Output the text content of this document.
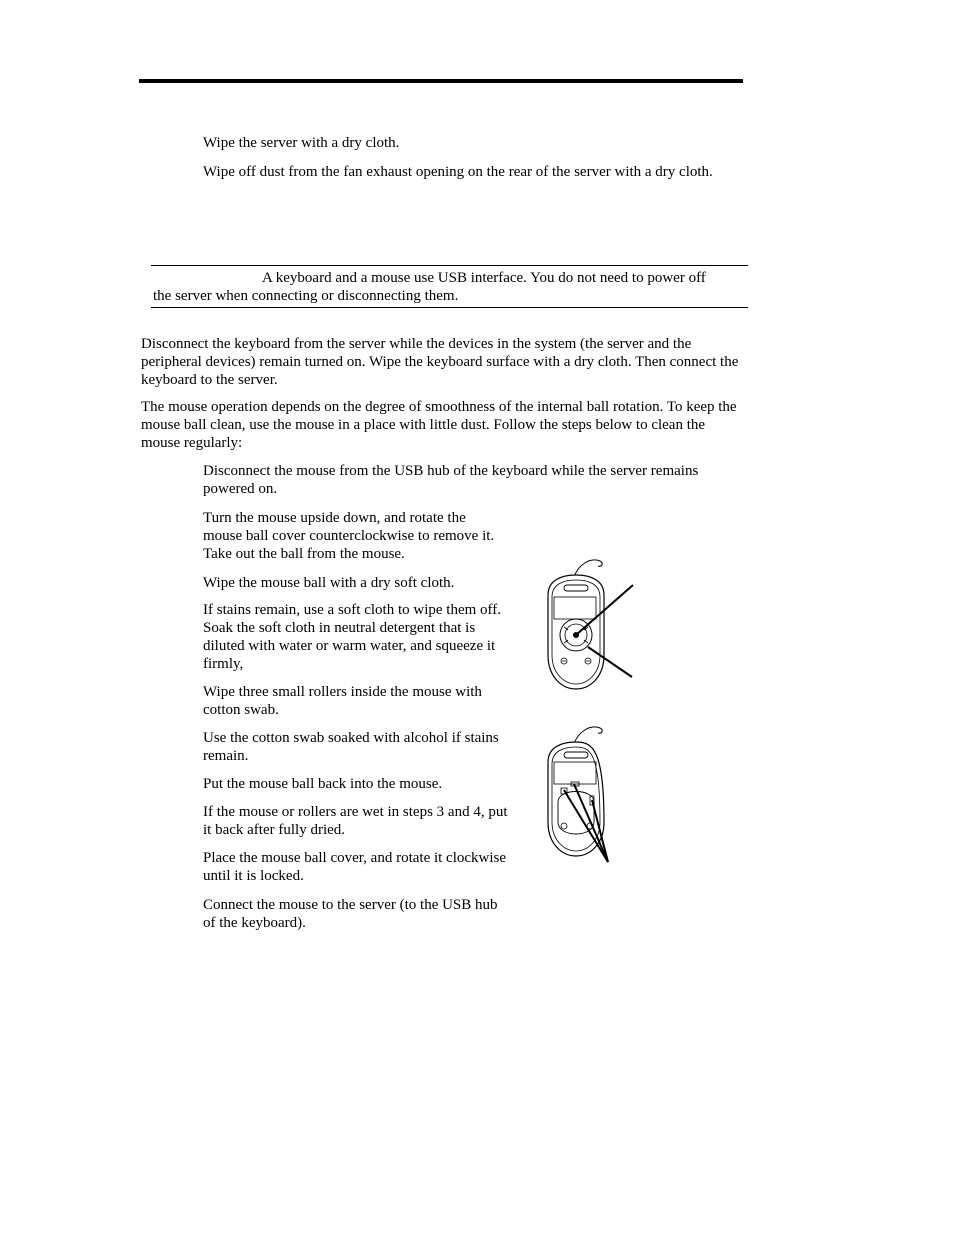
Wipe the server with a dry cloth.

Wipe off dust from the fan exhaust opening on the rear of the server with a dry cloth.

A keyboard and a mouse use USB interface. You do not need to power off

the server when connecting or disconnecting them.

Disconnect the keyboard from the server while the devices in the system (the server and the

peripheral devices) remain turned on. Wipe the keyboard surface with a dry cloth. Then connect the

keyboard to the server.

The mouse operation depends on the degree of smoothness of the internal ball rotation. To keep the

mouse ball clean, use the mouse in a place with little dust. Follow the steps below to clean the

mouse regularly:

Disconnect the mouse from the USB hub of the keyboard while the server remains

powered on.

Turn the mouse upside down, and rotate the

mouse ball cover counterclockwise to remove it.

Take out the ball from the mouse.

Wipe the mouse ball with a dry soft cloth.

If stains remain, use a soft cloth to wipe them off.

Soak the soft cloth in neutral detergent that is

diluted with water or warm water, and squeeze it

firmly,

Wipe three small rollers inside the mouse with

cotton swab.

Use the cotton swab soaked with alcohol if stains

remain.

Put the mouse ball back into the mouse.

If the mouse or rollers are wet in steps 3 and 4, put

it back after fully dried.

Place the mouse ball cover, and rotate it clockwise

until it is locked.

Connect the mouse to the server (to the USB hub

of the keyboard).
